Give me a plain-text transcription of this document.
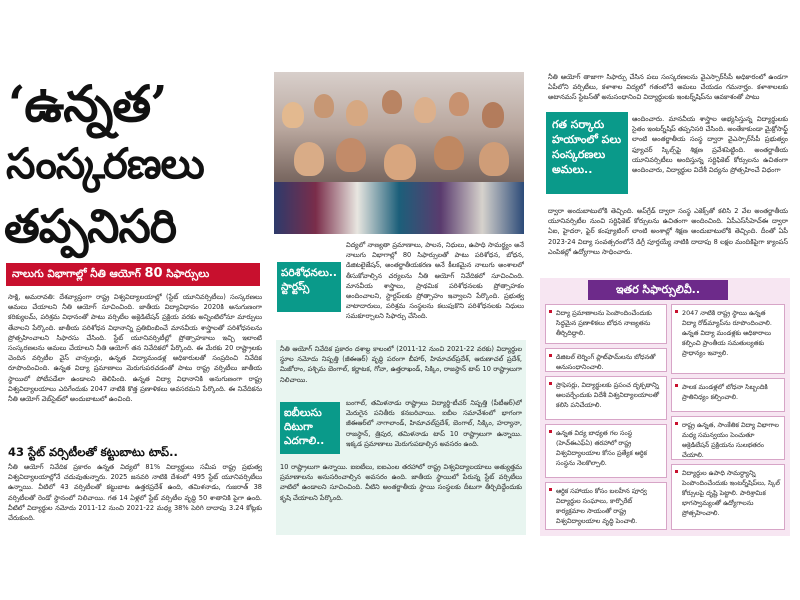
‘ఉన్నత’
సంస్కరణలు
తప్పనిసరి
నాలుగు విభాగాల్లో నీతి ఆయోగ్ 80 సిఫార్సులు
సాక్షి, అమరావతి: దేశవ్యాప్తంగా రాష్ట్ర విశ్వవిద్యాలయాల్లో (స్టేట్ యూనివర్సిటీలు) సంస్కరణలు అమలు చేయాలని నీతి ఆయోగ్ సూచించింది. జాతీయ విద్యావిధానం 2020కి అనుగుణంగా కరిక్యులమ్, పరిశ్రమ విధానంతో పాటు వర్సిటీల అక్రెడిటేషన్ ప్రక్రియ వరకు అన్నింటిలోనూ మార్పులు తేవాలని పేర్కొంది. జాతీయ పరిశోధన విధానాన్ని ప్రతిబింబించే మానవీయ శాస్త్రాలతో పరిశోధనలను ప్రోత్సహించాలని సిఫారసు చేసింది. స్టేట్ యూనివర్సిటీల్లో ప్రోత్సాహకాలు ఇచ్చి ఇలాంటి సంస్కరణలను అమలు చేయాలని నీతి ఆయోగ్ తన నివేదికలో పేర్కొంది. ఈ మేరకు 20 రాష్ట్రాలకు చెందిన వర్సిటీల వైస్ చాన్సలర్లు, ఉన్నత విద్యామండళ్ల అధికారులతో సంప్రదించి నివేదిక రూపొందించింది. ఉన్నత విద్యా ప్రమాణాలు మెరుగుపరచడంతో పాటు రాష్ట్ర వర్సిటీలు జాతీయ స్థాయిలో పోటీపడేలా ఉండాలని తెలిపింది. ఉన్నత విద్యా విధానానికి అనుగుణంగా రాష్ట్ర విశ్వవిద్యాలయాలు ఎదిగేందుకు 2047 నాటికి కొత్త ప్రణాళికలు అవసరమని పేర్కొంది. ఈ నివేదికను నీతి ఆయోగ్ వెబ్‌సైట్‌లో అందుబాటులో ఉంచింది.
43 స్టేట్ వర్సిటీలతో కట్టుబాటు టాప్..
నీతి ఆయోగ్ నివేదిక ప్రకారం ఉన్నత విద్యలో 81% విద్యార్థులు సమీప రాష్ట్ర ప్రభుత్వ విశ్వవిద్యాలయాల్లోనే చదువుతున్నారు. 2025 జనవరి నాటికి దేశంలో 495 స్టేట్ యూనివర్సిటీలు ఉన్నాయి. వీటిలో 43 వర్సిటీలతో కట్టుబాట ఉత్తరప్రదేశ్ ఉంది, తమిళనాడు, గుజరాత్ 38 వర్సిటీలతో రెండో స్థానంలో నిలిచాయి. గత 14 ఏళ్లలో స్టేట్ వర్సిటీల వృద్ధి 50 శాతానికి పైగా ఉంది. వీటిలో విద్యార్థుల నమోదు 2011-12 నుంచి 2021-22 మధ్య 38% పెరిగి దాదాపు 3.24 కోట్లకు చేరుకుంది.
పరిశోధనలు.. స్టార్టప్స్
విద్యలో నాణ్యతా ప్రమాణాలు, పాలన, నిధులు, ఉపాధి సామర్థ్యం అనే నాలుగు విభాగాల్లో 80 సిఫార్సులతో పాటు పరిశోధన, బోధన, డిజిటలైజేషన్, అంతర్జాతీయకరణ అనే కీలకమైన నాలుగు అంశాలలో తీసుకోవాల్సిన చర్యలను నీతి ఆయోగ్ నివేదికలో సూచించింది. మానవీయ శాస్త్రాలు, ప్రాథమిక పరిశోధనలకు ప్రోత్సాహకం అందించాలని, స్టార్టప్‌లకు ప్రోత్సాహం ఇవ్వాలని పేర్కొంది. ప్రభుత్వ వాటాదారులు, పరిశ్రమ సంస్థలను కలుపుకొని పరిశోధనలకు నిధులు సమకూర్చాలని సిఫార్సు చేసింది.
నీతి ఆయోగ్ నివేదిక ప్రకారం దశాబ్ద కాలంలో (2011-12 నుంచి 2021-22 వరకు) విద్యార్థుల స్థూల నమోదు నిష్పత్తి (జీఈఆర్) వృద్ధి పరంగా బీహార్, హిమాచల్‌ప్రదేశ్, ఆరుణాచల్ ప్రదేశ్, మిజోరాం, పశ్చిమ బెంగాల్, కర్ణాటక, గోవా, ఉత్తరాఖండ్, సిక్కిం, రాజస్థాన్ టాప్ 10 రాష్ట్రాలుగా నిలిచాయి.
ఐబీలుసు దిటుగా ఎదగాలి..
బంగాల్, తమిళనాడు రాష్ట్రాలు విద్యార్థి-టీచర్ నిష్పత్తి (పీటీఆర్)లో మెరుగైన పనితీరు కనబరిచాయి. ఐబీల సమావేశంలో భాగంగా జీఈఆర్‌లో నాగాలాండ్, హిమాచల్‌ప్రదేశ్, బెంగాల్, సిక్కిం, హర్యానా, రాజస్థాన్, త్రిపుర, తమిళనాడు టాప్ 10 రాష్ట్రాలుగా ఉన్నాయి. ఇక్కడ ప్రమాణాలు మెరుగుపడాల్సిన అవసరం ఉంది.
10 రాష్ట్రాలుగా ఉన్నాయి. ఐఐటీలు, ఐఐఎంల తరహాలో రాష్ట్ర విశ్వవిద్యాలయాలు అత్యుత్తమ ప్రమాణాలను అనుసరించాల్సిన అవసరం ఉంది. జాతీయ స్థాయిలో పేరున్న స్టేట్ వర్సిటీలు వాటిలో ఉండాలని సూచించింది. వీటిని అంతర్జాతీయ స్థాయి సంస్థలకు దీటుగా తీర్చిదిద్దేందుకు కృషి చేయాలని పేర్కొంది.
నీతి ఆయోగ్ తాజాగా సిఫార్సు చేసిన పలు సంస్కరణలను వైఎస్సార్‌సీపీ అధికారంలో ఉండగా ఏపీలోని వర్సిటీలు, కళాశాల విద్యలో గతంలోనే అమలు చేయడం గమనార్హం. కళాశాలలకు అటానమస్ స్టేటస్‌తో అనుసంధానించి విద్యార్థులకు ఇంటర్న్‌షిప్‌ను ఆవకాశంతో పాటు
గత సర్కారు హయాంలో పలు సంస్కరణలు అమలు..
ఆందించారు. మానవీయ శాస్త్రాల అభ్యసిస్తున్న విద్యార్థులకు సైతం ఇంటర్న్‌షిప్ తప్పనిసరి చేసింది. అంతేకాకుండా మైక్రోసాఫ్ట్ లాంటి అంతర్జాతీయ సంస్థ ద్వారా వైఎస్సార్‌సీపీ ప్రభుత్వం ఫ్యూచర్ స్కిల్స్‌పై శిక్షణ ప్రవేశపెట్టింది. అంతర్జాతీయ యూనివర్సిటీలు అందిస్తున్న సర్టిఫికెట్ కోర్సులను ఉచితంగా అందించారు, విద్యార్థుల విదేశీ విద్యను ప్రోత్సహించే విధంగా
ద్వారా అందుబాటులోకి తెచ్చింది. అప్‌గ్రేడ్ ద్వారా సంస్థ ఎకెక్స్‌తో కలిసి 2 వేల అంతర్జాతీయ యూనివర్సిటీల నుంచి సర్టిఫికెట్ కోర్సులను ఉచితంగా అందించింది. ఏపీఎస్‌సీహెచ్‌ఈ ద్వారా ఏఐ, హైదరా, ఫైర్ కంప్యూటింగ్ లాంటి అంశాల్లో శిక్షణ అందుబాటులోకి తెచ్చింది. దీంతో ఏపీ 2023-24 విద్యా సంవత్సరంలోనే డిగ్రీ పూర్తయ్యే నాటికి దాదాపు 8 లక్షల మందికిపైగా క్యాంపస్ ఎంపికల్లో ఉద్యోగాలు సాధించారు.
ఇతర సిఫార్సులివీ..
విద్యా ప్రమాణాలను పెంపొందించేందుకు సిద్ధమైన ప్రణాళికలు బోధన నాణ్యతను తీర్చిదిద్దాలి.
డిజిటల్ లెర్నింగ్ ప్లాట్‌ఫామ్‌లను బోధనతో అనుసంధానించాలి.
ప్రొఫెసర్లు, విద్యార్థులకు ప్రపంచ దృక్పథాన్ని అలవర్చేందుకు విదేశీ విశ్వవిద్యాలయాలతో కలిసి పనిచేయాలి.
ఉన్నత విద్య బాధ్యత గల సంస్థ (హెచ్ఈఎఫ్ఏ) తరహాలో రాష్ట్ర విశ్వవిద్యాలయాల కోసం ప్రత్యేక ఆర్థిక సంస్థను నెలకొల్పాలి.
ఆర్థిక సహాయం కోసం బలహీన పూర్వ విద్యార్థుల సంఘాలు, కార్పొరేట్ కార్యక్రమాల సాయంతో రాష్ట్ర విశ్వవిద్యాలయాల వృద్ధి పెంచాలి.
2047 నాటికి రాష్ట్ర స్థాయి ఉన్నత విద్యా రోడ్‌మ్యాప్‌ను రూపొందించాలి. ఉన్నత విద్యా మండళ్లకు అధికారాలు కల్పించి ప్రాంతీయ సమతుల్యతకు ప్రాధాన్యం ఇవ్వాలి.
పాలక మండళ్లలో బోధనా సిబ్బందికి ప్రాతినిధ్యం కల్పించాలి.
రాష్ట్ర ఉన్నత, సాంకేతిక విద్యా విభాగాల మధ్య సమన్వయం పెంచుతూ అక్రెడిటేషన్ ప్రక్రియను సులభతరం చేయాలి.
విద్యార్థుల ఉపాధి సామర్థ్యాన్ని పెంపొందించేందుకు ఇంటర్న్‌షిప్‌లు, స్కిల్ కోర్సులపై దృష్టి పెట్టాలి. పారిశ్రామిక భాగస్వామ్యంతో ఉద్యోగాలను ప్రోత్సహించాలి.
